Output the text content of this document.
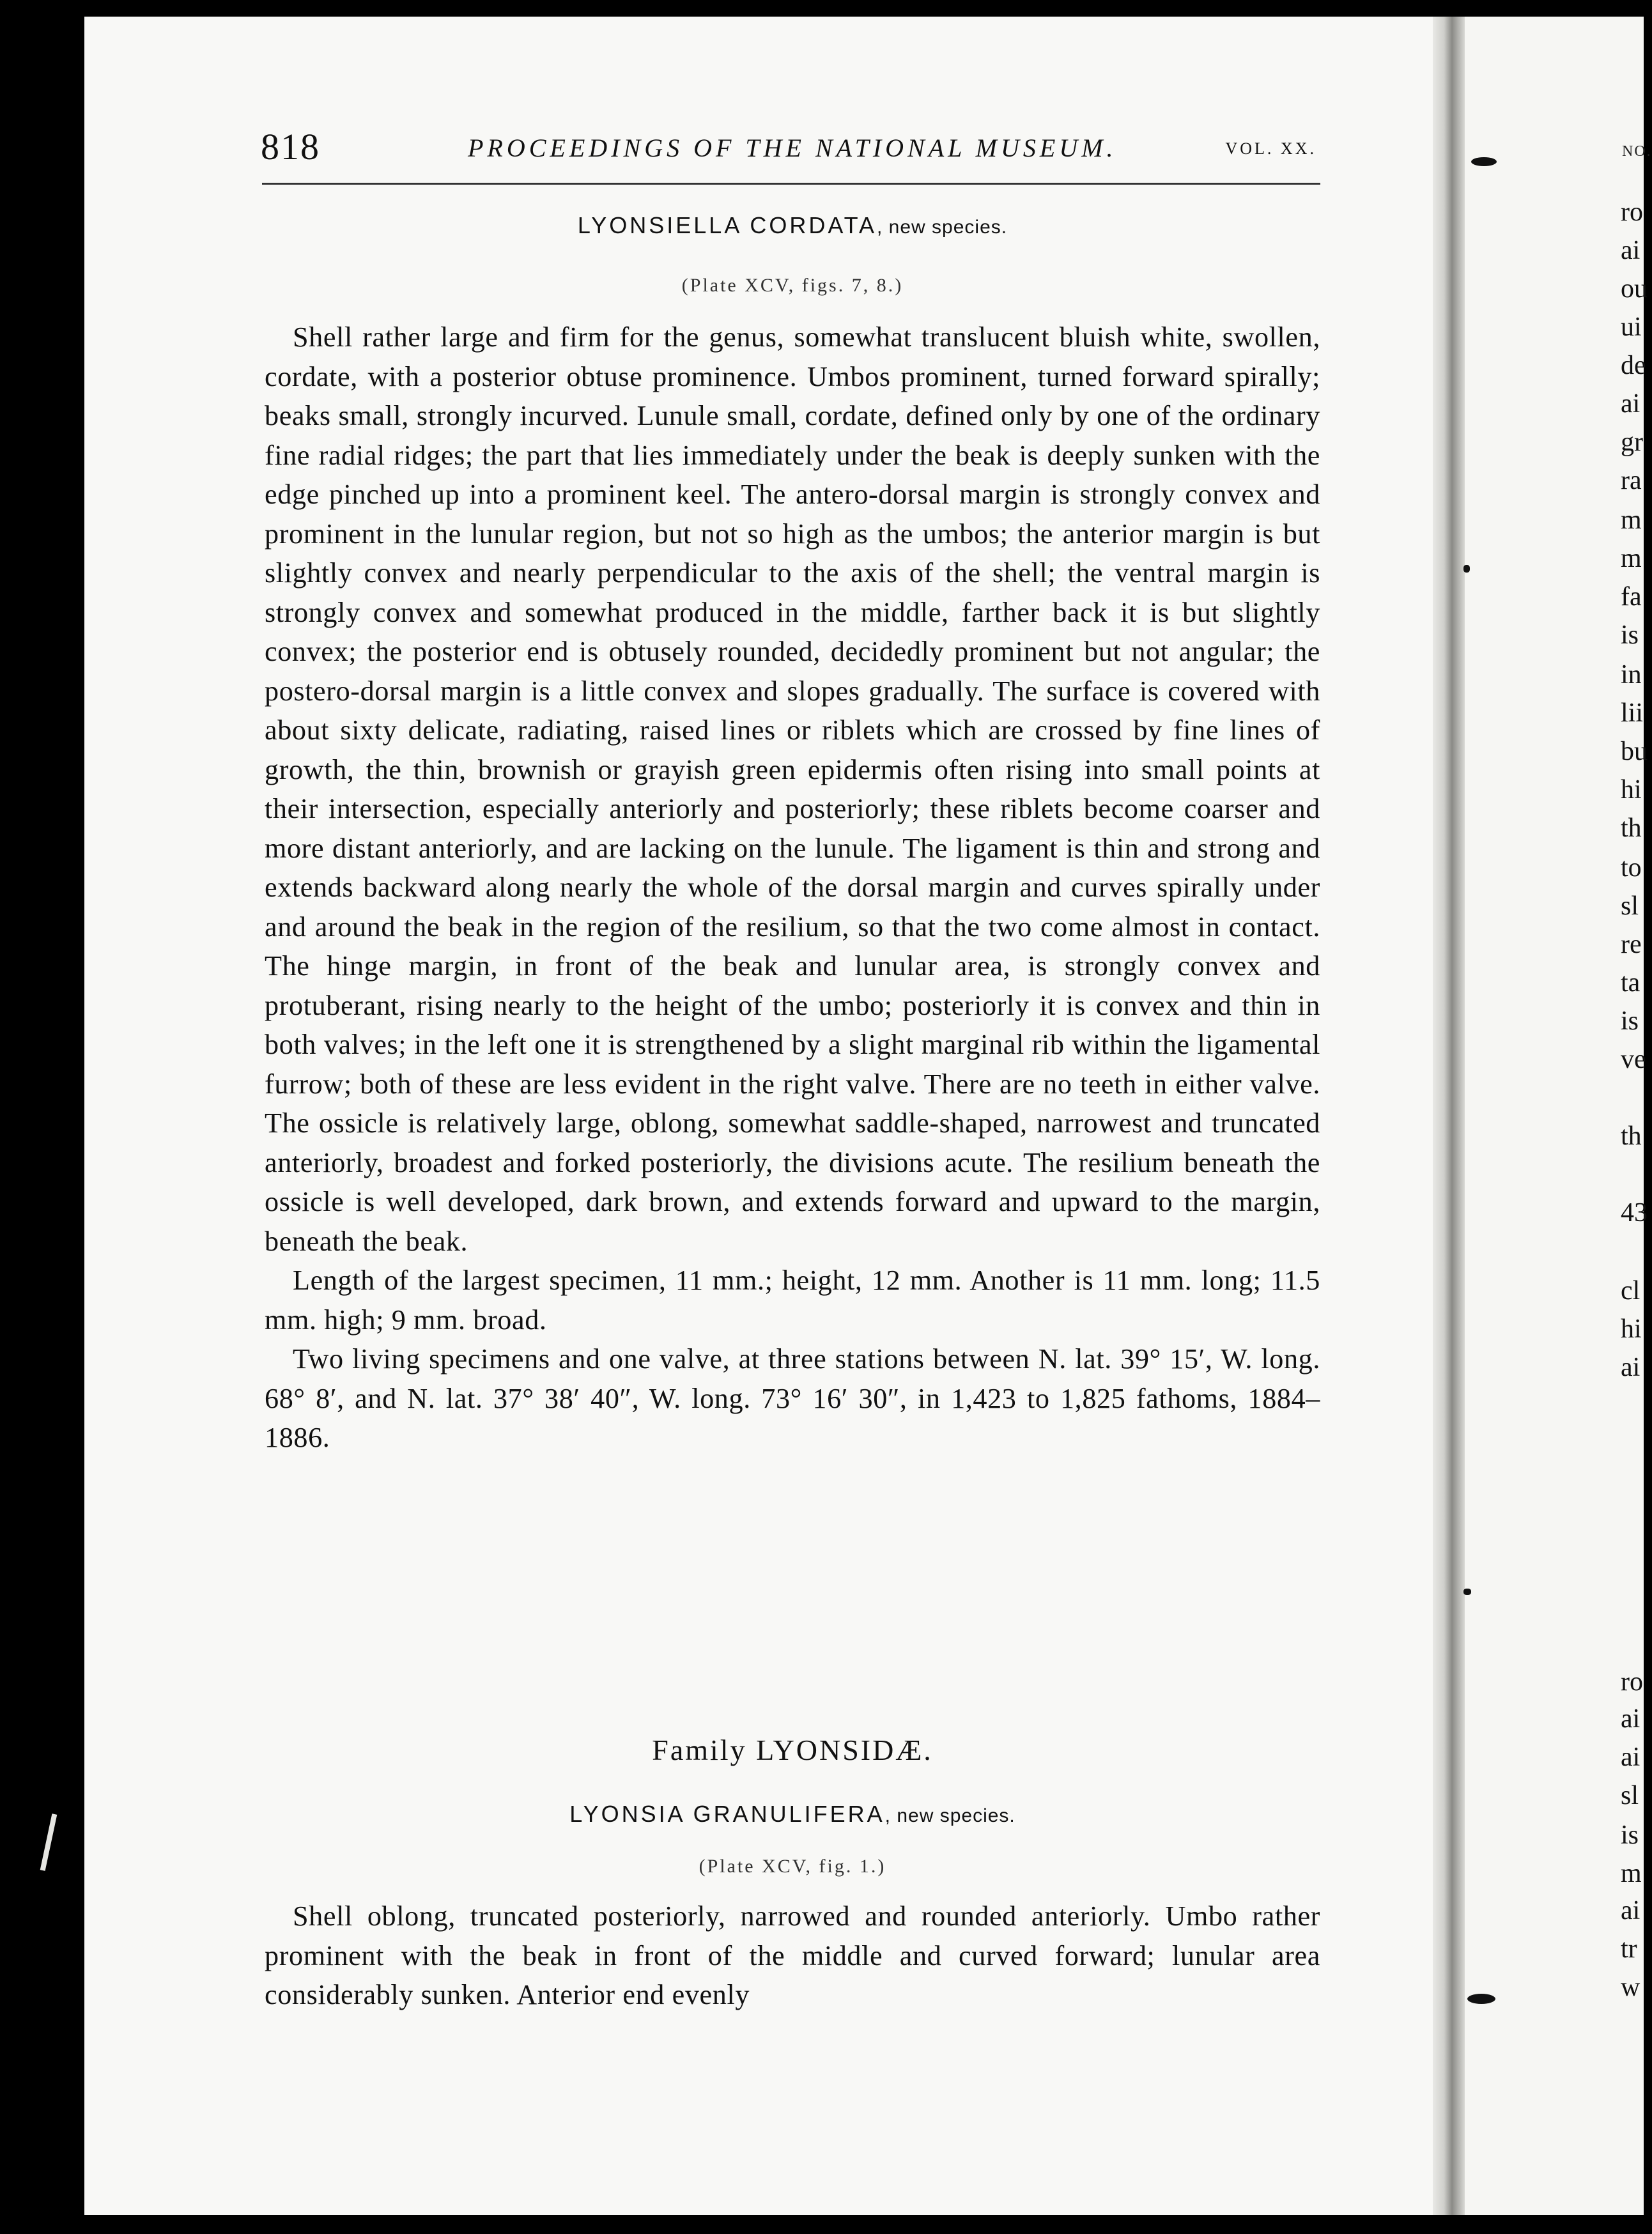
818	PROCEEDINGS OF THE NATIONAL MUSEUM.	VOL. XX.
LYONSIELLA CORDATA, new species.
(Plate XCV, figs. 7, 8.)

Shell rather large and firm for the genus, somewhat translucent bluish white, swollen, cordate, with a posterior obtuse prominence. Umbos prominent, turned forward spirally; beaks small, strongly incurved. Lunule small, cordate, defined only by one of the ordinary fine radial ridges; the part that lies immediately under the beak is deeply sunken with the edge pinched up into a prominent keel. The antero-dorsal margin is strongly convex and prominent in the lunular region, but not so high as the umbos; the anterior margin is but slightly convex and nearly perpendicular to the axis of the shell; the ventral margin is strongly convex and somewhat produced in the middle, farther back it is but slightly convex; the posterior end is obtusely rounded, decidedly prominent but not angular; the postero-dorsal margin is a little convex and slopes gradually. The surface is covered with about sixty delicate, radiating, raised lines or riblets which are crossed by fine lines of growth, the thin, brownish or grayish green epidermis often rising into small points at their intersection, especially anteriorly and posteriorly; these riblets become coarser and more distant anteriorly, and are lacking on the lunule. The ligament is thin and strong and extends backward along nearly the whole of the dorsal margin and curves spirally under and around the beak in the region of the resilium, so that the two come almost in contact. The hinge margin, in front of the beak and lunular area, is strongly convex and protuberant, rising nearly to the height of the umbo; posteriorly it is convex and thin in both valves; in the left one it is strengthened by a slight marginal rib within the ligamental furrow; both of these are less evident in the right valve. There are no teeth in either valve. The ossicle is relatively large, oblong, somewhat saddle-shaped, narrowest and truncated anteriorly, broadest and forked posteriorly, the divisions acute. The resilium beneath the ossicle is well developed, dark brown, and extends forward and upward to the margin, beneath the beak.

Length of the largest specimen, 11 mm.; height, 12 mm. Another is 11 mm. long; 11.5 mm. high; 9 mm. broad.

Two living specimens and one valve, at three stations between N. lat. 39° 15′, W. long. 68° 8′, and N. lat. 37° 38′ 40″, W. long. 73° 16′ 30″, in 1,423 to 1,825 fathoms, 1884–1886.

Family LYONSIDÆ.
LYONSIA GRANULIFERA, new species.
(Plate XCV, fig. 1.)

Shell oblong, truncated posteriorly, narrowed and rounded anteriorly. Umbo rather prominent with the beak in front of the middle and curved forward; lunular area considerably sunken. Anterior end evenly

NO.
ro
ai
ou
ui
de
ai
gr
ra
m
m
fa
is
in
lii
bu
hi
th
to
sl
re
ta
is
ve
th
43
cl
hi
ai
ro
ai
ai
sl
is
m
ai
tr
w
